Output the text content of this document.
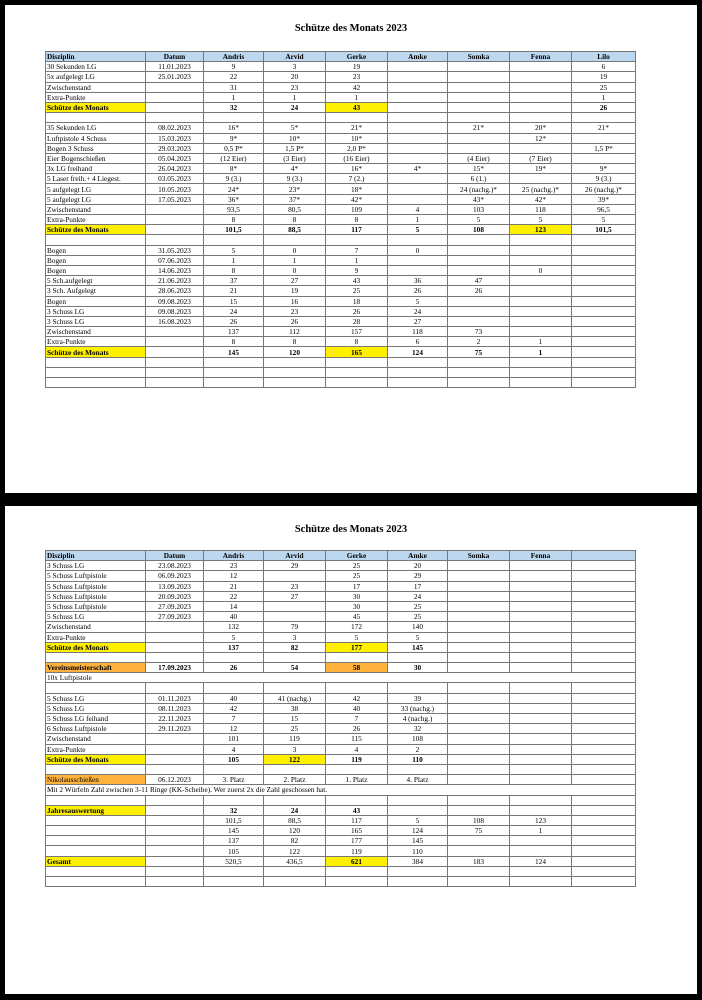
Schütze des Monats 2023
Disziplin	Datum	Andris	Arvid	Gerke	Amke	Somka	Fenna	Lilo
30 Sekunden LG	11.01.2023	9	3	19				6
5x aufgelegt LG	25.01.2023	22	20	23				19
Zwischenstand		31	23	42				25
Extra-Punkte		1	1	1				1
Schütze des Monats		32	24	43				26

35 Sekunden LG	08.02.2023	16*	5*	21*		21*	20*	21*
Luftpistole 4 Schuss	15.03.2023	9*	10*	10*			12*	
Bogen 3 Schuss	29.03.2023	0,5 P*	1,5 P*	2,0 P*				1,5 P*
Eier Bogenschießen	05.04.2023	(12 Eier)	(3 Eier)	(16 Eier)		(4 Eier)	(7 Eier)	
3x LG freihand	26.04.2023	8*	4*	16*	4*	15*	19*	9*
5 Laser freih.+ 4 Liegest.	03.05.2023	9 (3.)	9 (3.)	7 (2.)		6 (1.)		9 (3.)
5 aufgelegt LG	10.05.2023	24*	23*	18*		24 (nachg.)*	25 (nachg.)*	26 (nachg.)*
5 aufgelegt LG	17.05.2023	36*	37*	42*		43*	42*	39*
Zwischenstand		93,5	80,5	109	4	103	118	96,5
Extra-Punkte		8	8	8	1	5	5	5
Schütze des Monats		101,5	88,5	117	5	108	123	101,5

Bogen	31.05.2023	5	0	7	0			
Bogen	07.06.2023	1	1	1				
Bogen	14.06.2023	8	0	9			0	
5 Sch.aufgelegt	21.06.2023	37	27	43	36	47		
3 Sch. Aufgelegt	28.06.2023	21	19	25	26	26		
Bogen	09.08.2023	15	16	18	5			
3 Schuss LG	09.08.2023	24	23	26	24			
3 Schuss LG	16.08.2023	26	26	28	27			
Zwischenstand		137	112	157	118	73		
Extra-Punkte		8	8	8	6	2	1	
Schütze des Monats		145	120	165	124	75	1	

Schütze des Monats 2023
Disziplin	Datum	Andris	Arvid	Gerke	Amke	Somka	Fenna	
3 Schuss LG	23.08.2023	23	29	25	20			
5 Schuss Luftpistole	06.09.2023	12		25	29			
5 Schuss Luftpistole	13.09.2023	21	23	17	17			
5 Schuss Luftpistole	20.09.2023	22	27	30	24			
5 Schuss Luftpistole	27.09.2023	14		30	25			
5 Schuss LG	27.09.2023	40		45	25			
Zwischenstand		132	79	172	140			
Extra-Punkte		5	3	5	5			
Schütze des Monats		137	82	177	145			

Vereinsmeisterschaft	17.09.2023	26	54	58	30			
10x Luftpistole								

5 Schuss LG	01.11.2023	40	41 (nachg.)	42	39			
5 Schuss LG	08.11.2023	42	38	40	33 (nachg.)			
5 Schuss LG feihand	22.11.2023	7	15	7	4 (nachg.)			
6 Schuss Luftpistole	29.11.2023	12	25	26	32			
Zwischenstand		101	119	115	108			
Extra-Punkte		4	3	4	2			
Schütze des Monats		105	122	119	110			

Nikolausschießen	06.12.2023	3. Platz	2. Platz	1. Platz	4. Platz			
Mit 2 Würfeln Zahl zwischen 3-11 Ringe (KK-Scheibe). Wer zuerst 2x die Zahl geschossen hat.								

Jahresauswertung		32	24	43				
		101,5	88,5	117	5	108	123	
		145	120	165	124	75	1	
		137	82	177	145			
		105	122	119	110			
Gesamt		520,5	436,5	621	384	183	124	
